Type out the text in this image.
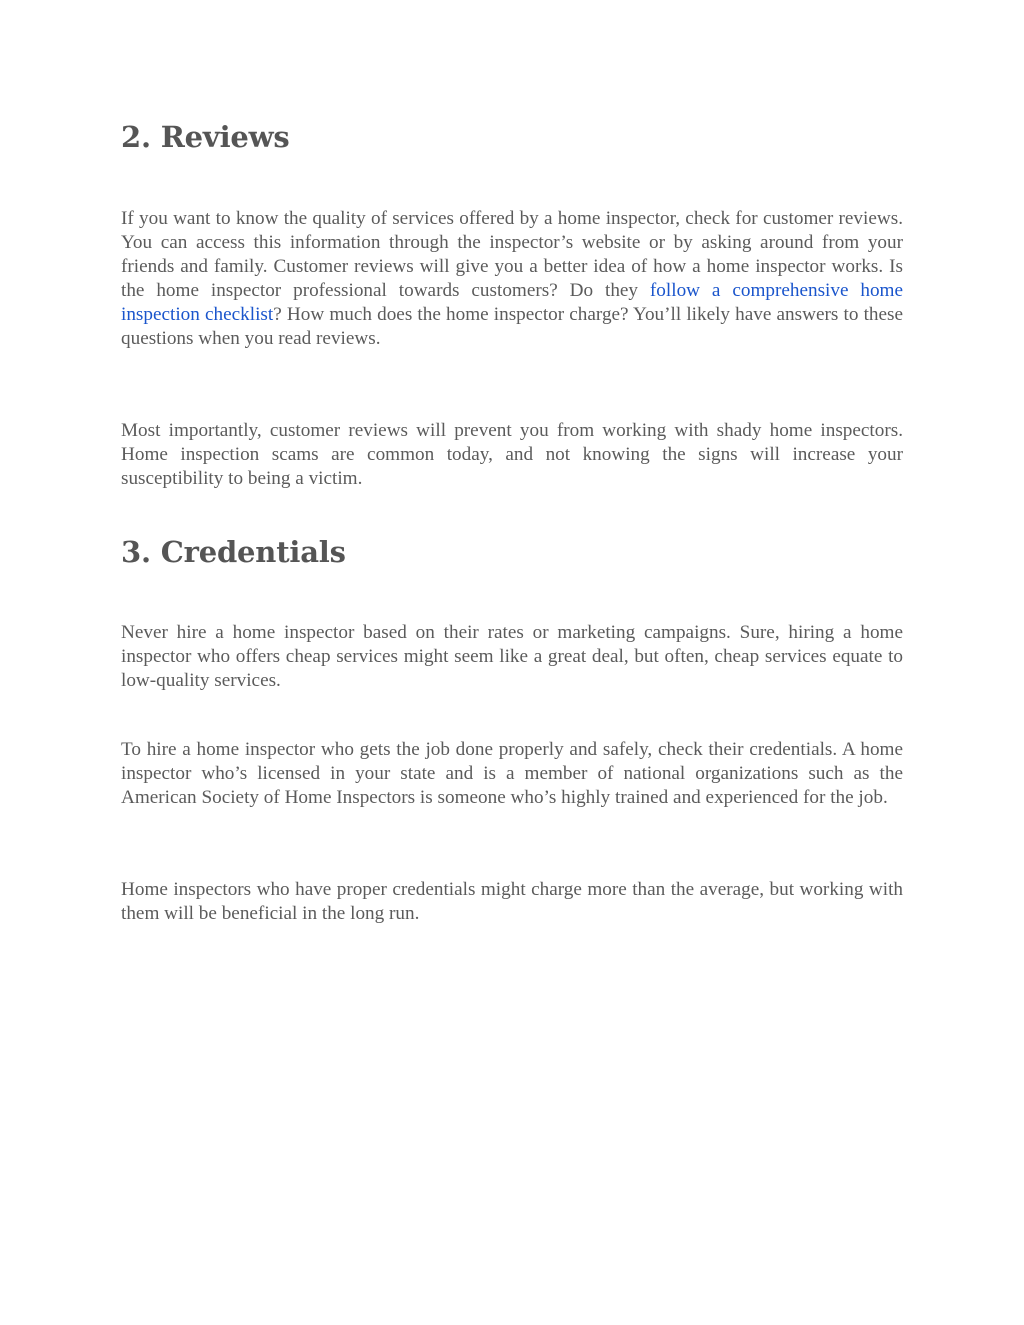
2. Reviews

If you want to know the quality of services offered by a home inspector, check for customer reviews. You can access this information through the inspector’s website or by asking around from your friends and family. Customer reviews will give you a better idea of how a home inspector works. Is the home inspector professional towards customers? Do they follow a comprehensive home inspection checklist? How much does the home inspector charge? You’ll likely have answers to these questions when you read reviews.

Most importantly, customer reviews will prevent you from working with shady home inspectors. Home inspection scams are common today, and not knowing the signs will increase your susceptibility to being a victim.

3. Credentials

Never hire a home inspector based on their rates or marketing campaigns. Sure, hiring a home inspector who offers cheap services might seem like a great deal, but often, cheap services equate to low-quality services.

To hire a home inspector who gets the job done properly and safely, check their credentials. A home inspector who’s licensed in your state and is a member of national organizations such as the American Society of Home Inspectors is someone who’s highly trained and experienced for the job.

Home inspectors who have proper credentials might charge more than the average, but working with them will be beneficial in the long run.
